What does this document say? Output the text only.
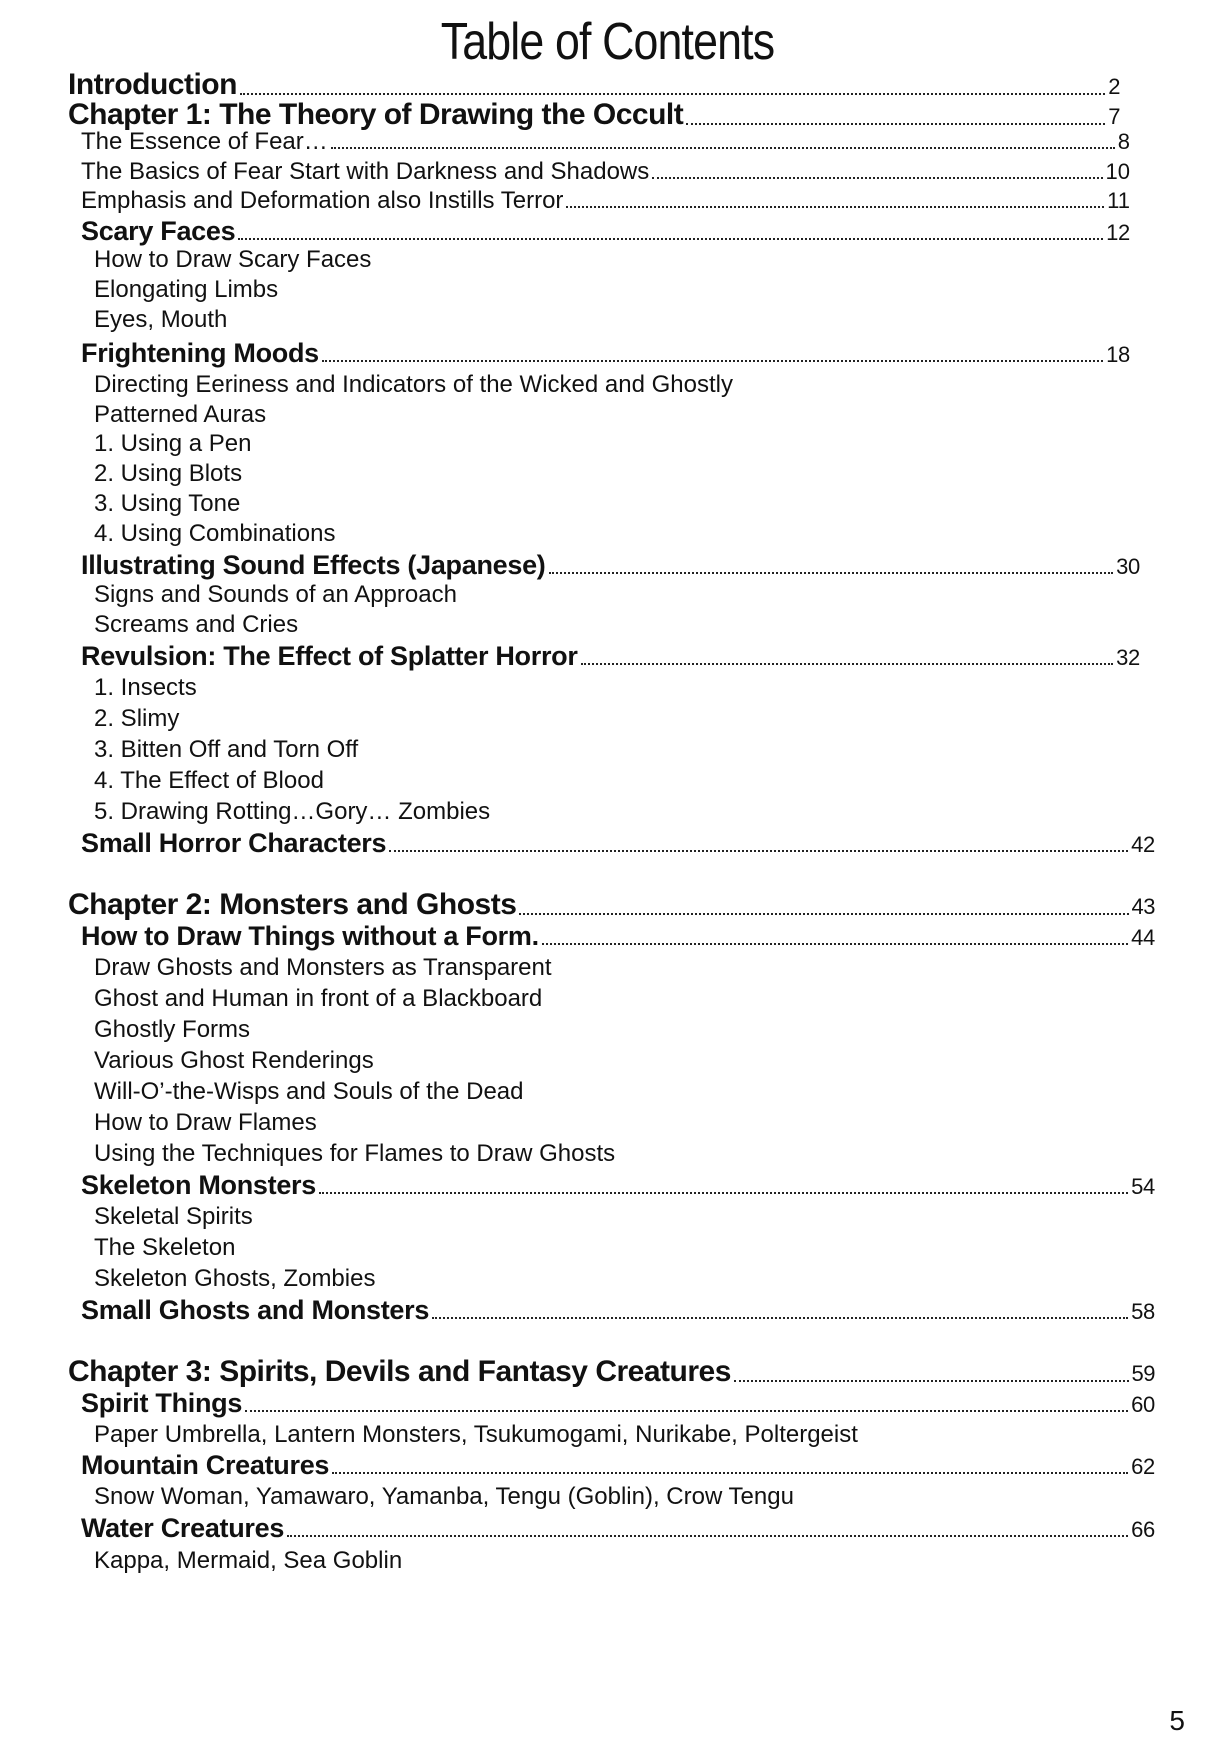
Table of Contents
Introduction	2
Chapter 1: The Theory of Drawing the Occult	7
The Essence of Fear…	8
The Basics of Fear Start with Darkness and Shadows	10
Emphasis and Deformation also Instills Terror	11
Scary Faces	12
How to Draw Scary Faces
Elongating Limbs
Eyes, Mouth
Frightening Moods	18
Directing Eeriness and Indicators of the Wicked and Ghostly
Patterned Auras
1. Using a Pen
2. Using Blots
3. Using Tone
4. Using Combinations
Illustrating Sound Effects (Japanese)	30
Signs and Sounds of an Approach
Screams and Cries
Revulsion: The Effect of Splatter Horror	32
1. Insects
2. Slimy
3. Bitten Off and Torn Off
4. The Effect of Blood
5. Drawing Rotting…Gory… Zombies
Small Horror Characters	42
Chapter 2: Monsters and Ghosts	43
How to Draw Things without a Form.	44
Draw Ghosts and Monsters as Transparent
Ghost and Human in front of a Blackboard
Ghostly Forms
Various Ghost Renderings
Will-O’-the-Wisps and Souls of the Dead
How to Draw Flames
Using the Techniques for Flames to Draw Ghosts
Skeleton Monsters	54
Skeletal Spirits
The Skeleton
Skeleton Ghosts, Zombies
Small Ghosts and Monsters	58
Chapter 3: Spirits, Devils and Fantasy Creatures	59
Spirit Things	60
Paper Umbrella, Lantern Monsters, Tsukumogami, Nurikabe, Poltergeist
Mountain Creatures	62
Snow Woman, Yamawaro, Yamanba, Tengu (Goblin), Crow Tengu
Water Creatures	66
Kappa, Mermaid, Sea Goblin
5
